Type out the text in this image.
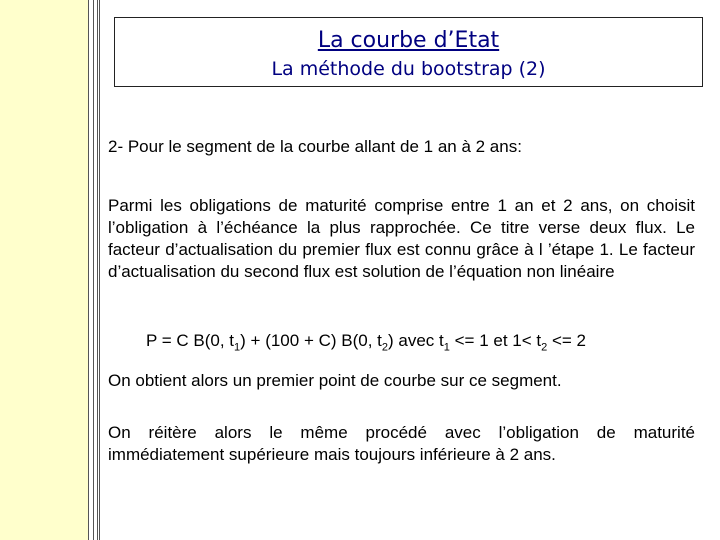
La courbe d’Etat
La méthode du bootstrap (2)
2- Pour le segment de la courbe allant de 1 an à 2 ans:
Parmi les obligations de maturité comprise entre 1 an et 2 ans, on choisit l’obligation à l’échéance la plus rapprochée. Ce titre verse deux flux. Le facteur d’actualisation du premier flux est connu grâce à l ’étape 1. Le facteur d’actualisation du second flux est solution de l’équation non linéaire
P = C B(0, $t_1) + (100 + C)$ B(0, $t_2$) avec $t_1 <= 1$ et $1< t_2 <= 2$
On obtient alors un premier point de courbe sur ce segment.
On réitère alors le même procédé avec l’obligation de maturité immédiatement supérieure mais toujours inférieure à 2 ans.
